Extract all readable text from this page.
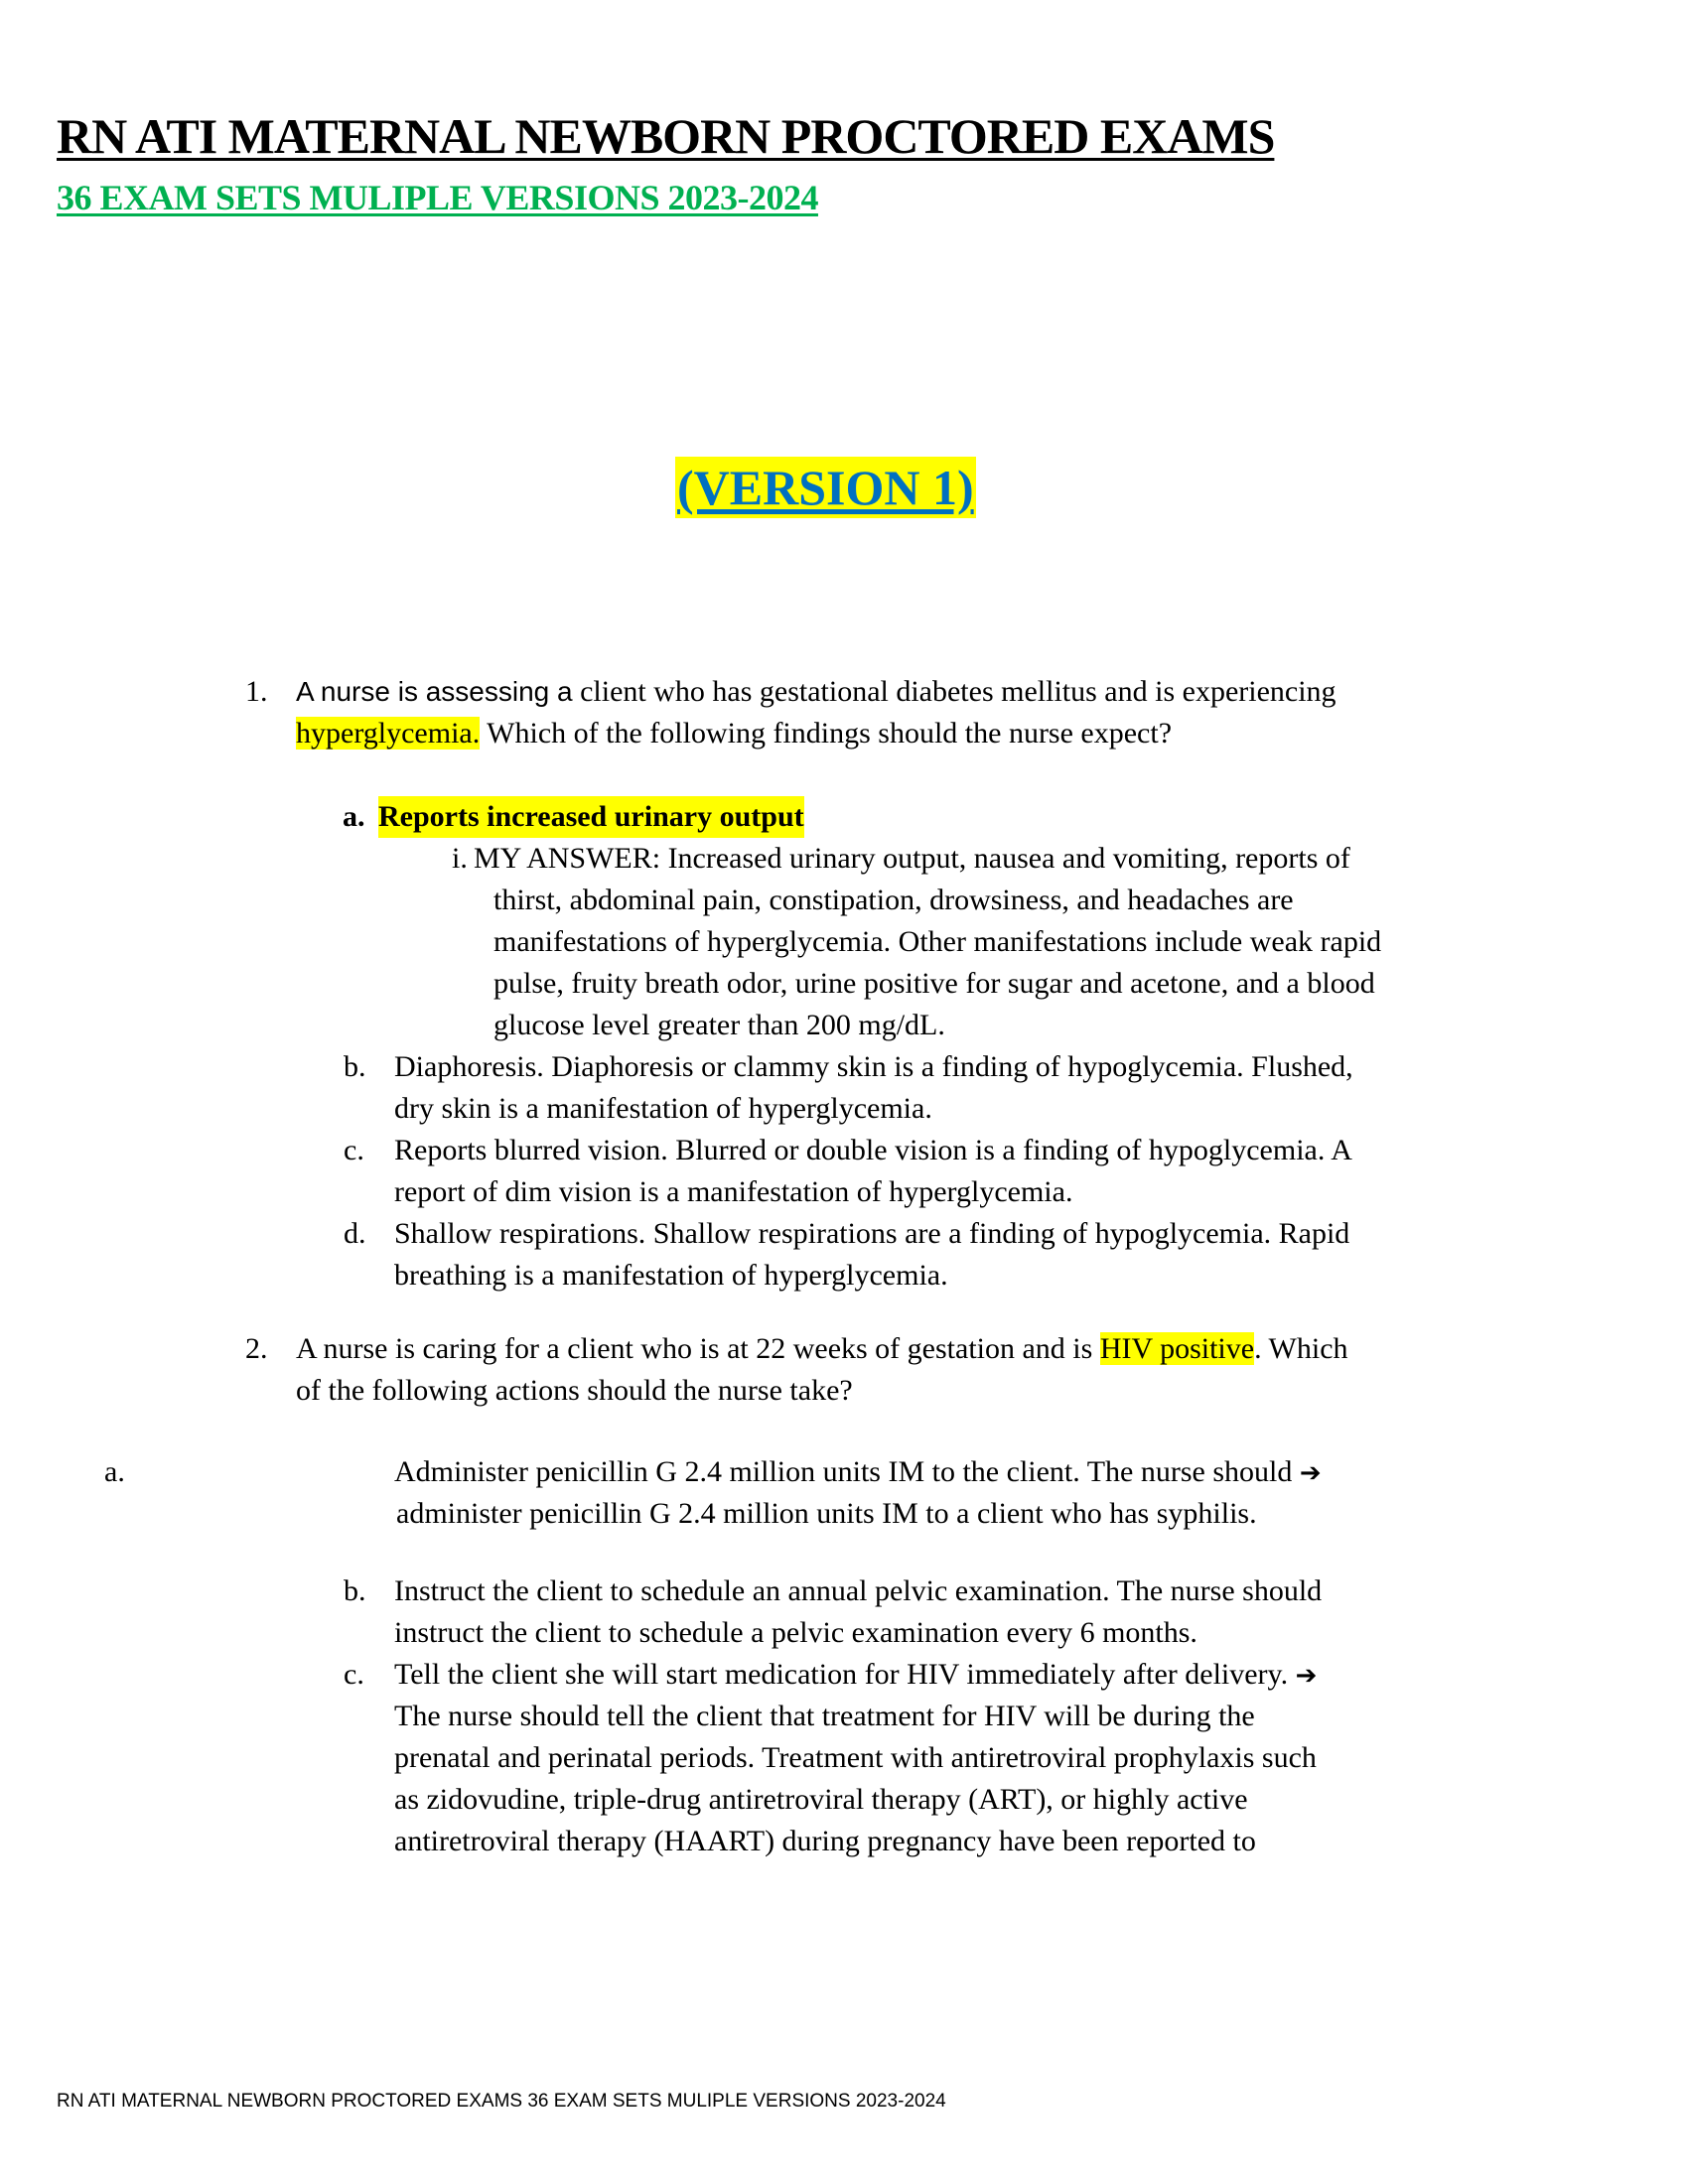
RN ATI MATERNAL NEWBORN PROCTORED EXAMS
36 EXAM SETS MULIPLE VERSIONS 2023-2024
(VERSION 1)
1. A nurse is assessing a client who has gestational diabetes mellitus and is experiencing
hyperglycemia. Which of the following findings should the nurse expect?
a. Reports increased urinary output
i. MY ANSWER: Increased urinary output, nausea and vomiting, reports of
thirst, abdominal pain, constipation, drowsiness, and headaches are
manifestations of hyperglycemia. Other manifestations include weak rapid
pulse, fruity breath odor, urine positive for sugar and acetone, and a blood
glucose level greater than 200 mg/dL.
b. Diaphoresis. Diaphoresis or clammy skin is a finding of hypoglycemia. Flushed,
dry skin is a manifestation of hyperglycemia.
c. Reports blurred vision. Blurred or double vision is a finding of hypoglycemia. A
report of dim vision is a manifestation of hyperglycemia.
d. Shallow respirations. Shallow respirations are a finding of hypoglycemia. Rapid
breathing is a manifestation of hyperglycemia.
2. A nurse is caring for a client who is at 22 weeks of gestation and is HIV positive. Which
of the following actions should the nurse take?
a.	Administer penicillin G 2.4 million units IM to the client. The nurse should ➔
administer penicillin G 2.4 million units IM to a client who has syphilis.
b. Instruct the client to schedule an annual pelvic examination. The nurse should
instruct the client to schedule a pelvic examination every 6 months.
c. Tell the client she will start medication for HIV immediately after delivery. ➔
The nurse should tell the client that treatment for HIV will be during the
prenatal and perinatal periods. Treatment with antiretroviral prophylaxis such
as zidovudine, triple-drug antiretroviral therapy (ART), or highly active
antiretroviral therapy (HAART) during pregnancy have been reported to
RN ATI MATERNAL NEWBORN PROCTORED EXAMS 36 EXAM SETS MULIPLE VERSIONS 2023-2024
